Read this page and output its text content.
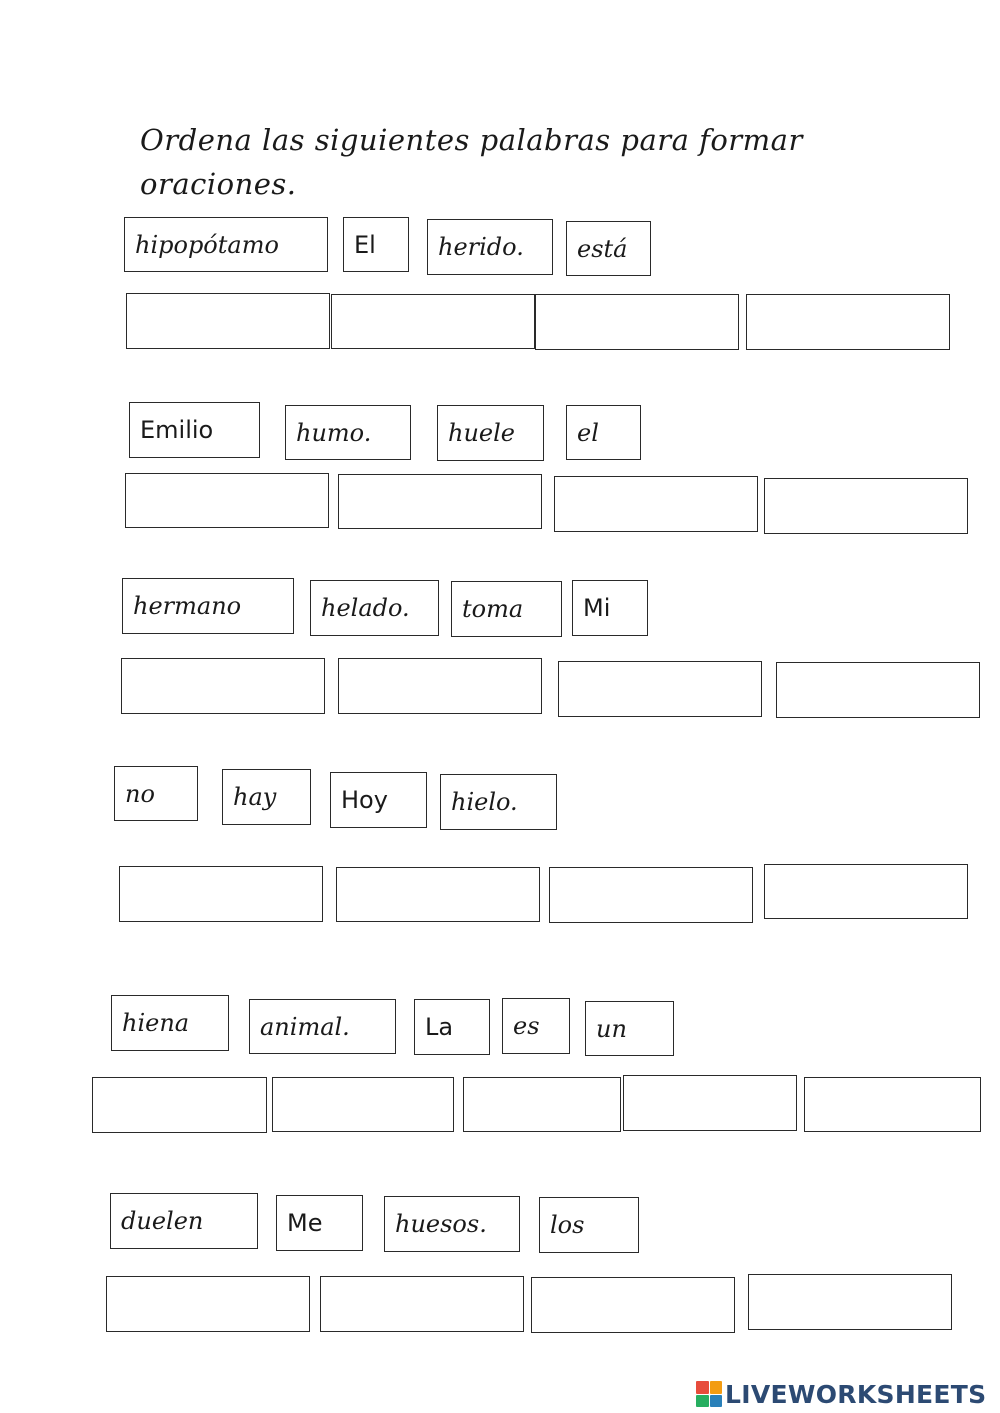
Ordena las siguientes palabras para formar oraciones.
hipopótamo	El	herido.	está
Emilio	humo.	huele	el
hermano	helado.	toma	Mi
no	hay	Hoy	hielo.
hiena	animal.	La	es	un
duelen	Me	huesos.	los
LIVEWORKSHEETS
